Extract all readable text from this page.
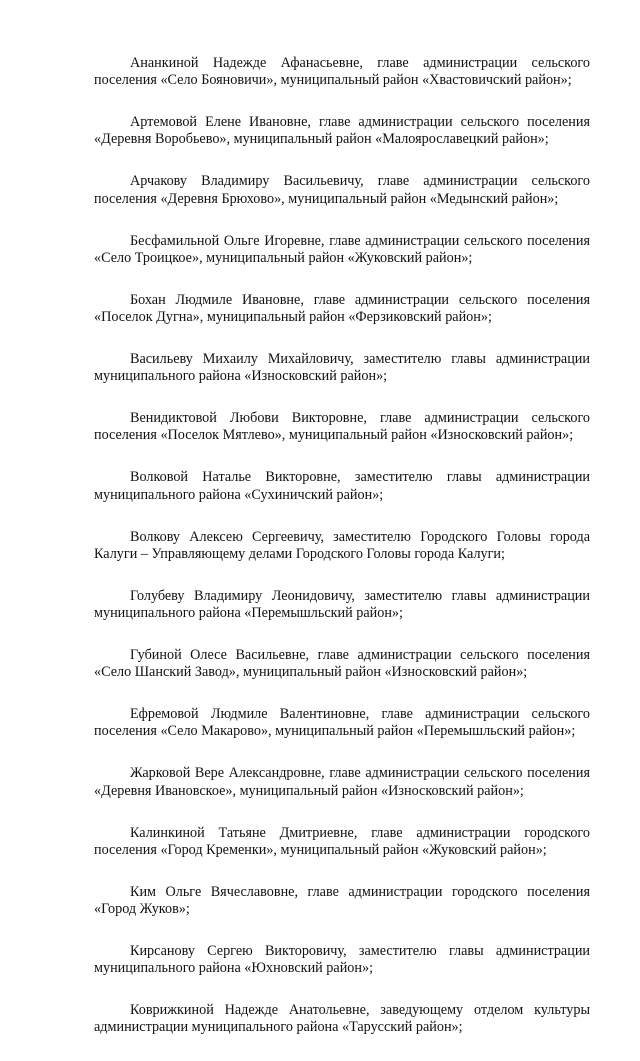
Ананкиной Надежде Афанасьевне, главе администрации сельского поселения «Село Бояновичи», муниципальный район «Хвастовичский район»;

Артемовой Елене Ивановне, главе администрации сельского поселения «Деревня Воробьево», муниципальный район «Малоярославецкий район»;

Арчакову Владимиру Васильевичу, главе администрации сельского поселения «Деревня Брюхово», муниципальный район «Медынский район»;

Бесфамильной Ольге Игоревне, главе администрации сельского поселения «Село Троицкое», муниципальный район «Жуковский район»;

Бохан Людмиле Ивановне, главе администрации сельского поселения «Поселок Дугна», муниципальный район «Ферзиковский район»;

Васильеву Михаилу Михайловичу, заместителю главы администрации муниципального района «Износковский район»;

Венидиктовой Любови Викторовне, главе администрации сельского поселения «Поселок Мятлево», муниципальный район «Износковский район»;

Волковой Наталье Викторовне, заместителю главы администрации муниципального района «Сухиничский район»;

Волкову Алексею Сергеевичу, заместителю Городского Головы города Калуги – Управляющему делами Городского Головы города Калуги;

Голубеву Владимиру Леонидовичу, заместителю главы администрации муниципального района «Перемышльский район»;

Губиной Олесе Васильевне, главе администрации сельского поселения «Село Шанский Завод», муниципальный район «Износковский район»;

Ефремовой Людмиле Валентиновне, главе администрации сельского поселения «Село Макарово», муниципальный район «Перемышльский район»;

Жарковой Вере Александровне, главе администрации сельского поселения «Деревня Ивановское», муниципальный район «Износковский район»;

Калинкиной Татьяне Дмитриевне, главе администрации городского поселения «Город Кременки», муниципальный район «Жуковский район»;

Ким Ольге Вячеславовне, главе администрации городского поселения «Город Жуков»;

Кирсанову Сергею Викторовичу, заместителю главы администрации муниципального района «Юхновский район»;

Коврижкиной Надежде Анатольевне, заведующему отделом культуры администрации муниципального района «Тарусский район»;
